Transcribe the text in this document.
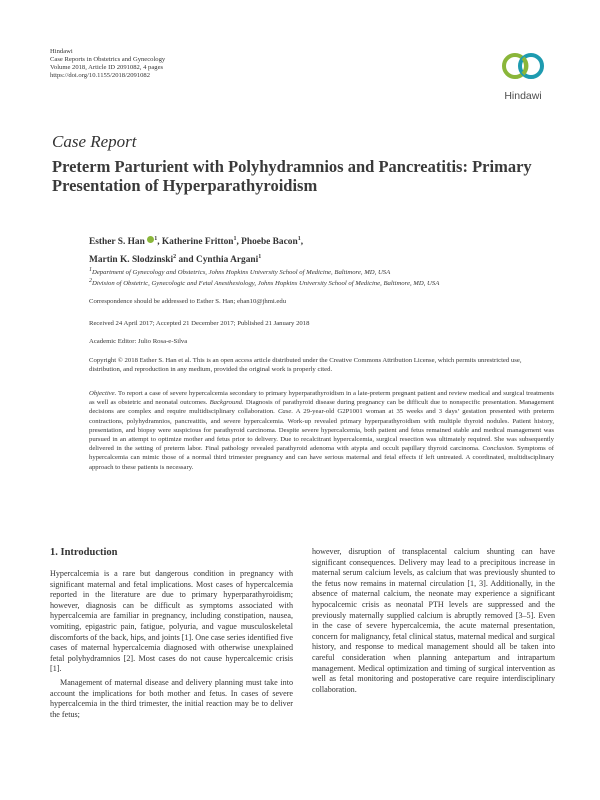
Hindawi
Case Reports in Obstetrics and Gynecology
Volume 2018, Article ID 2091082, 4 pages
https://doi.org/10.1155/2018/2091082
Hindawi
Case Report
Preterm Parturient with Polyhydramnios and Pancreatitis: Primary Presentation of Hyperparathyroidism
Esther S. Han $^1$, Katherine Fritton$^1$, Phoebe Bacon$^1$,
Martin K. Slodzinski$^2$ and Cynthia Argani$^1$
$^1$Department of Gynecology and Obstetrics, Johns Hopkins University School of Medicine, Baltimore, MD, USA
$^2$Division of Obstetric, Gynecologic and Fetal Anesthesiology, Johns Hopkins University School of Medicine, Baltimore, MD, USA
Correspondence should be addressed to Esther S. Han; ehan10@jhmi.edu
Received 24 April 2017; Accepted 21 December 2017; Published 21 January 2018
Academic Editor: Julio Rosa-e-Silva
Copyright © 2018 Esther S. Han et al. This is an open access article distributed under the Creative Commons Attribution License, which permits unrestricted use, distribution, and reproduction in any medium, provided the original work is properly cited.
Objective. To report a case of severe hypercalcemia secondary to primary hyperparathyroidism in a late-preterm pregnant patient and review medical and surgical treatments as well as obstetric and neonatal outcomes. Background. Diagnosis of parathyroid disease during pregnancy can be difficult due to nonspecific presentation. Management decisions are complex and require multidisciplinary collaboration. Case. A 29-year-old G2P1001 woman at 35 weeks and 3 days’ gestation presented with preterm contractions, polyhydramnios, pancreatitis, and severe hypercalcemia. Work-up revealed primary hyperparathyroidism with multiple thyroid nodules. Patient history, presentation, and biopsy were suspicious for parathyroid carcinoma. Despite severe hypercalcemia, both patient and fetus remained stable and medical management was pursued in an attempt to optimize mother and fetus prior to delivery. Due to recalcitrant hypercalcemia, surgical resection was ultimately required. She was subsequently delivered in the setting of preterm labor. Final pathology revealed parathyroid adenoma with atypia and occult papillary thyroid carcinoma. Conclusion. Symptoms of hypercalcemia can mimic those of a normal third trimester pregnancy and can have serious maternal and fetal effects if left untreated. A coordinated, multidisciplinary approach to these patients is necessary.
1. Introduction

Hypercalcemia is a rare but dangerous condition in pregnancy with significant maternal and fetal implications. Most cases of hypercalcemia reported in the literature are due to primary hyperparathyroidism; however, diagnosis can be difficult as symptoms associated with hypercalcemia are familiar in pregnancy, including constipation, nausea, vomiting, epigastric pain, fatigue, polyuria, and vague musculoskeletal discomforts of the back, hips, and joints [1]. One case series identified five cases of maternal hypercalcemia diagnosed with otherwise unexplained fetal polyhydramnios [2]. Most cases do not cause hypercalcemic crisis [1].

Management of maternal disease and delivery planning must take into account the implications for both mother and fetus. In cases of severe hypercalcemia in the third trimester, the initial reaction may be to deliver the fetus;

however, disruption of transplacental calcium shunting can have significant consequences. Delivery may lead to a precipitous increase in maternal serum calcium levels, as calcium that was previously shunted to the fetus now remains in maternal circulation [1, 3]. Additionally, in the absence of maternal calcium, the neonate may experience a significant hypocalcemic crisis as neonatal PTH levels are suppressed and the previously maternally supplied calcium is abruptly removed [3–5]. Even in the case of severe hypercalcemia, the acute maternal presentation, concern for malignancy, fetal clinical status, maternal medical and surgical history, and response to medical management should all be taken into careful consideration when planning antepartum and intrapartum management. Medical optimization and timing of surgical intervention as well as fetal monitoring and postoperative care require interdisciplinary collaboration.
